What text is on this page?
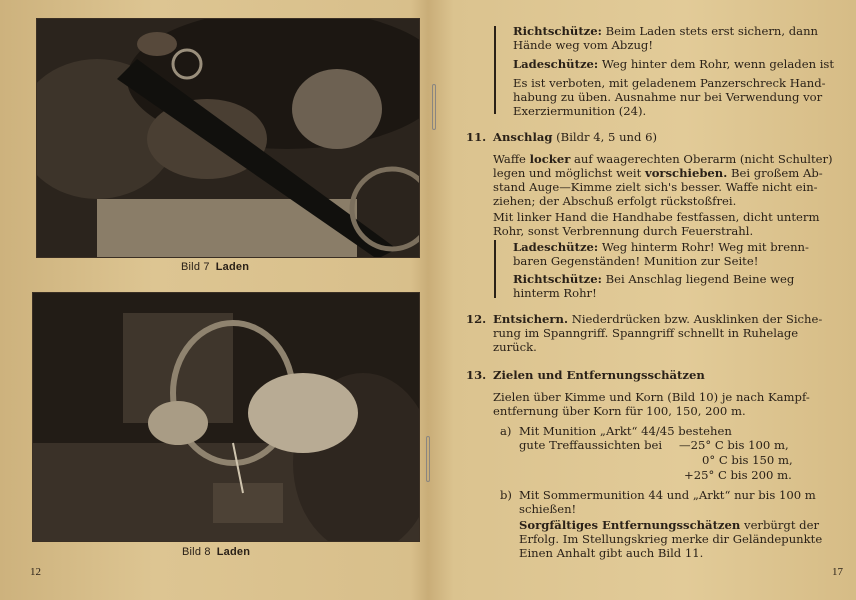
Bild 7 Laden
Bild 8 Laden
12
Richtschütze: Beim Laden stets erst sichern, dann
Hände weg vom Abzug!
Ladeschütze: Weg hinter dem Rohr, wenn geladen ist
Es ist verboten, mit geladenem Panzerschreck Hand-
habung zu üben. Ausnahme nur bei Verwendung vor
Exerziermunition (24).
11. Anschlag (Bildr 4, 5 und 6)
Waffe locker auf waagerechten Oberarm (nicht Schulter)
legen und möglichst weit vorschieben. Bei großem Ab-
stand Auge—Kimme zielt sich's besser. Waffe nicht ein-
ziehen; der Abschuß erfolgt rückstoßfrei.
Mit linker Hand die Handhabe festfassen, dicht unterm
Rohr, sonst Verbrennung durch Feuerstrahl.
Ladeschütze: Weg hinterm Rohr! Weg mit brenn-
baren Gegenständen! Munition zur Seite!
Richtschütze: Bei Anschlag liegend Beine weg
hinterm Rohr!
12. Entsichern. Niederdrücken bzw. Ausklinken der Siche-
rung im Spanngriff. Spanngriff schnellt in Ruhelage
zurück.
13. Zielen und Entfernungsschätzen
Zielen über Kimme und Korn (Bild 10) je nach Kampf-
entfernung über Korn für 100, 150, 200 m.
a) Mit Munition „Arkt“ 44/45 bestehen
gute Treffaussichten bei —25° C bis 100 m,
0° C bis 150 m,
+25° C bis 200 m.
b) Mit Sommermunition 44 und „Arkt“ nur bis 100 m
schießen!
Sorgfältiges Entfernungsschätzen verbürgt der
Erfolg. Im Stellungskrieg merke dir Geländepunkte
Einen Anhalt gibt auch Bild 11.
17
